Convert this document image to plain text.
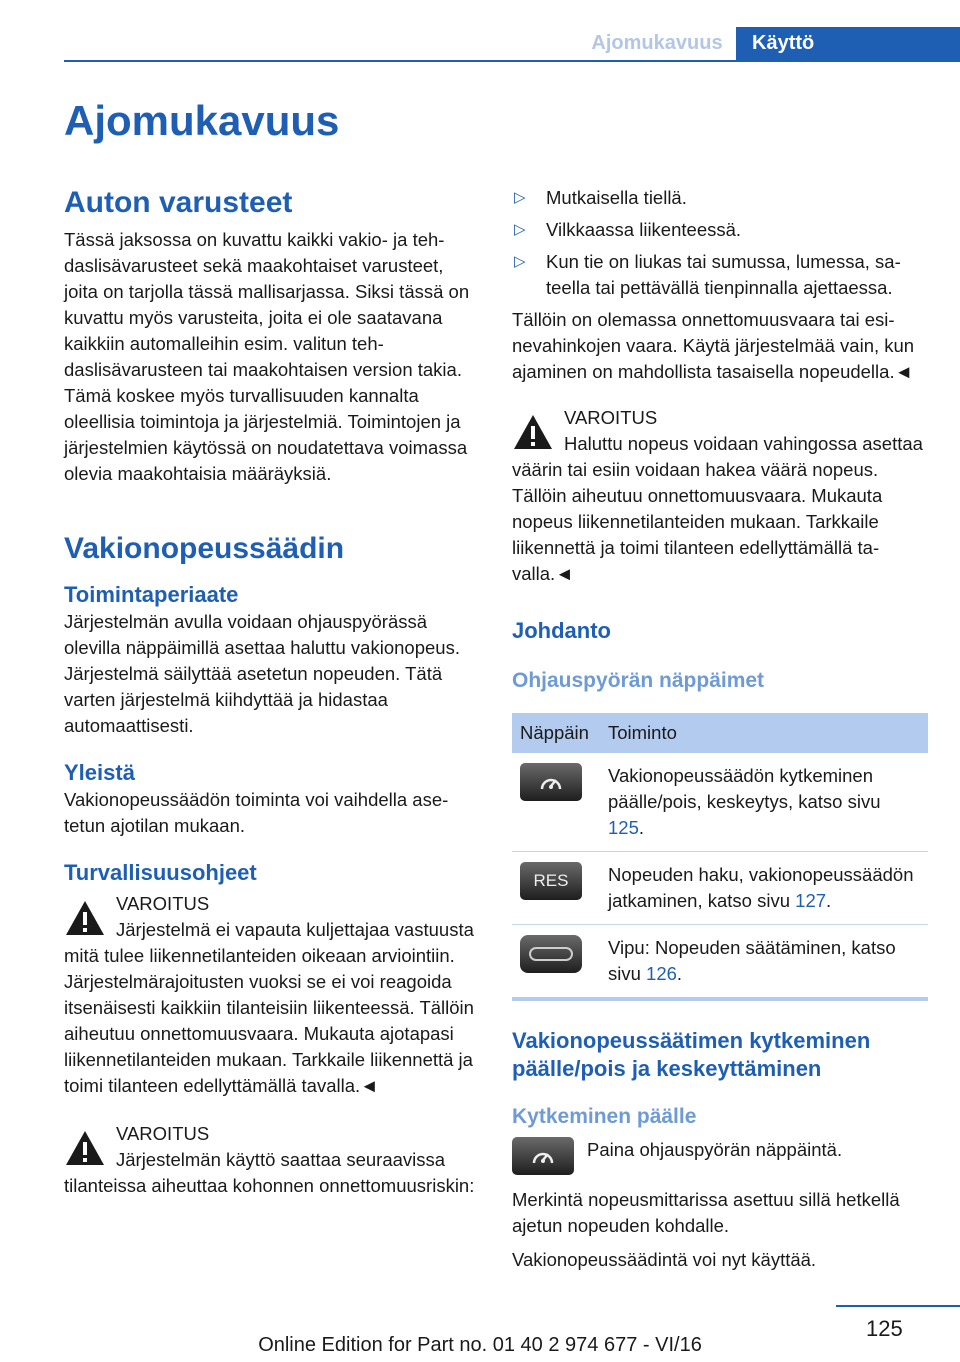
Ajomukavuus	Käyttö
Ajomukavuus
Auton varusteet

Tässä jaksossa on kuvattu kaikki vakio- ja tehdaslisävarusteet sekä maakohtaiset varusteet, joita on tarjolla tässä mallisarjassa. Siksi tässä on kuvattu myös varusteita, joita ei ole saatavana kaikkiin automalleihin esim. valitun tehdaslisävarusteen tai maakohtaisen version takia. Tämä koskee myös turvallisuuden kannalta oleellisia toimintoja ja järjestelmiä. Toimintojen ja järjestelmien käytössä on noudatettava voimassa olevia maakohtaisia määräyksiä.

Vakionopeussäädin
Toimintaperiaate

Järjestelmän avulla voidaan ohjauspyörässä olevilla näppäimillä asettaa haluttu vakionopeus. Järjestelmä säilyttää asetetun nopeuden. Tätä varten järjestelmä kiihdyttää ja hidastaa automaattisesti.

Yleistä

Vakionopeussäädön toiminta voi vaihdella asetetun ajotilan mukaan.

Turvallisuusohjeet
VAROITUS
Järjestelmä ei vapauta kuljettajaa vastuusta mitä tulee liikennetilanteiden oikeaan arviointiin. Järjestelmärajoitusten vuoksi se ei voi reagoida itsenäisesti kaikkiin tilanteisiin liikenteessä. Tällöin aiheutuu onnettomuusvaara. Mukauta ajotapasi liikennetilanteiden mukaan. Tarkkaile liikennettä ja toimi tilanteen edellyttämällä tavalla.◄
VAROITUS
Järjestelmän käyttö saattaa seuraavissa tilanteissa aiheuttaa kohonnen onnettomuusriskin:
▷ Mutkaisella tiellä.
▷ Vilkkaassa liikenteessä.
▷ Kun tie on liukas tai sumussa, lumessa, sateella tai pettävällä tienpinnalla ajettaessa.

Tällöin on olemassa onnettomuusvaara tai esinevahinkojen vaara. Käytä järjestelmää vain, kun ajaminen on mahdollista tasaisella nopeudella.◄

VAROITUS
Haluttu nopeus voidaan vahingossa asettaa väärin tai esiin voidaan hakea väärä nopeus. Tällöin aiheutuu onnettomuusvaara. Mukauta nopeus liikennetilanteiden mukaan. Tarkkaile liikennettä ja toimi tilanteen edellyttämällä tavalla.◄
Johdanto
Ohjauspyörän näppäimet
Näppäin	Toiminto

	Vakionopeussäädön kytkeminen päälle/pois, keskeytys, katso sivu 125.

RES	Nopeuden haku, vakionopeussäädön jatkaminen, katso sivu 127.

	Vipu: Nopeuden säätäminen, katso sivu 126.
Vakionopeussäätimen kytkeminen päälle/pois ja keskeyttäminen
Kytkeminen päälle

Paina ohjauspyörän näppäintä.

Merkintä nopeusmittarissa asettuu sillä hetkellä ajetun nopeuden kohdalle.

Vakionopeussäädintä voi nyt käyttää.

125
Online Edition for Part no. 01 40 2 974 677 - VI/16
